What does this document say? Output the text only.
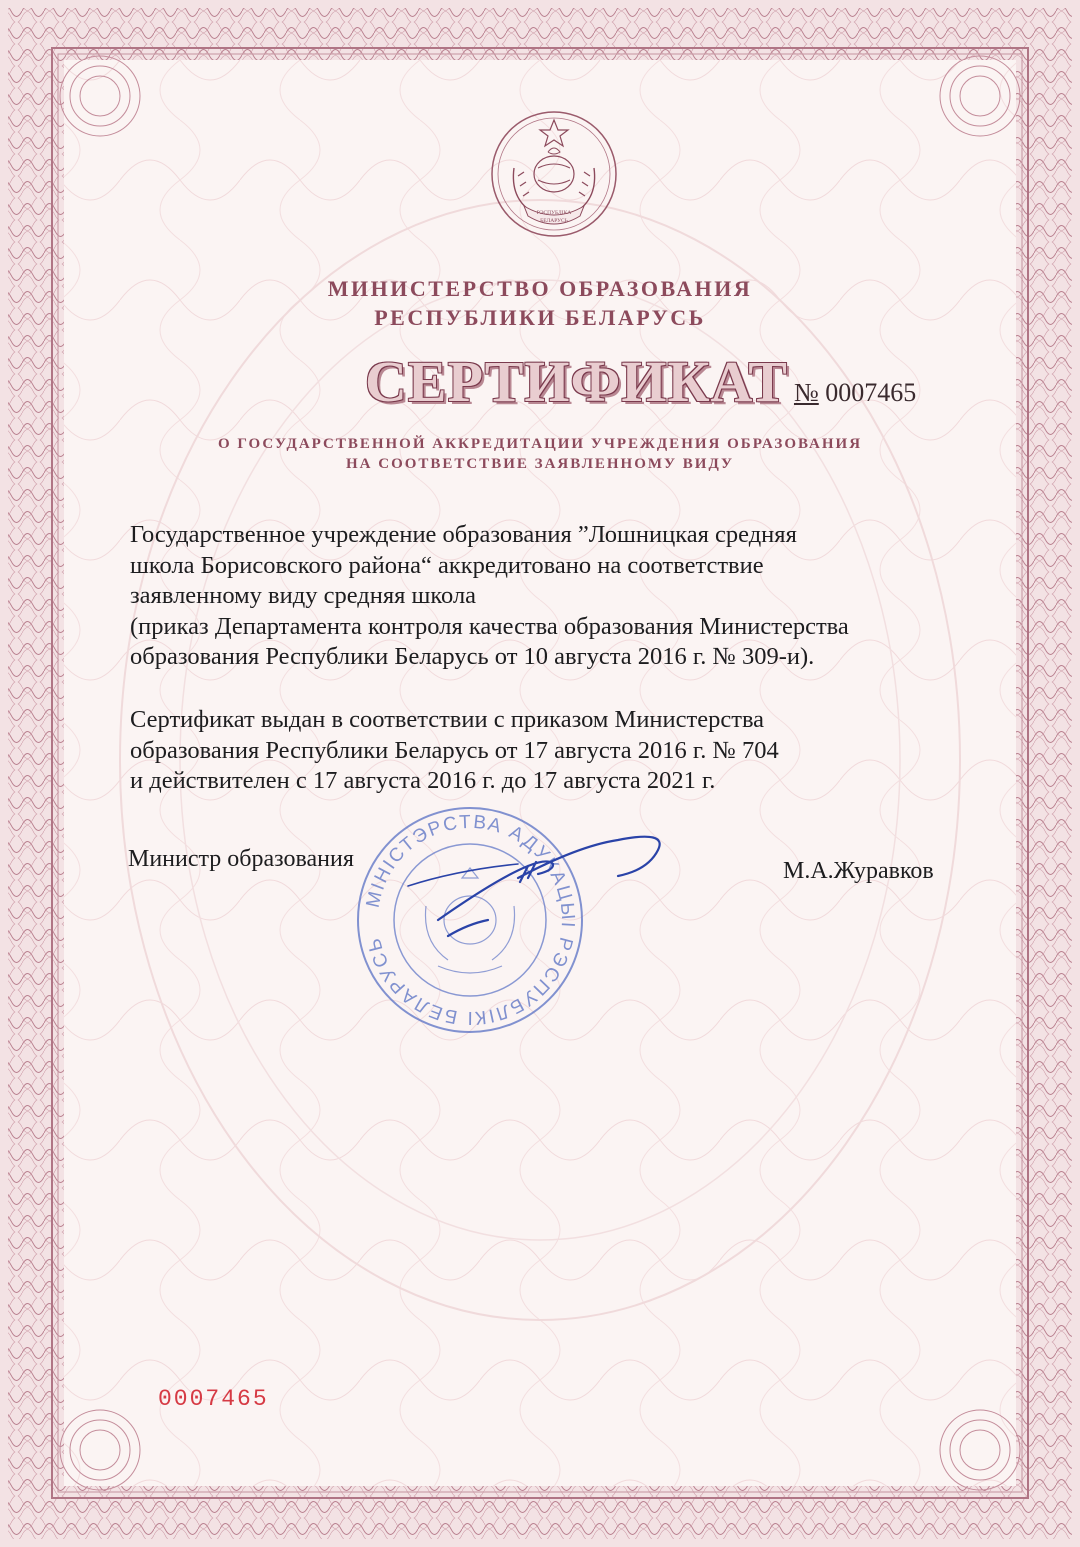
РЭСПУБЛІКА
БЕЛАРУСЬ
МИНИСТЕРСТВО ОБРАЗОВАНИЯ
РЕСПУБЛИКИ БЕЛАРУСЬ
СЕРТИФИКАТ № 0007465
О ГОСУДАРСТВЕННОЙ АККРЕДИТАЦИИ УЧРЕЖДЕНИЯ ОБРАЗОВАНИЯ
НА СООТВЕТСТВИЕ ЗАЯВЛЕННОМУ ВИДУ
Государственное учреждение образования ”Лошницкая средняя
школа Борисовского района“ аккредитовано на соответствие
заявленному виду средняя школа
(приказ Департамента контроля качества образования Министерства
образования Республики Беларусь от 10 августа 2016 г. № 309-и).
Сертификат выдан в соответствии с приказом Министерства
образования Республики Беларусь от 17 августа 2016 г. № 704
и действителен с 17 августа 2016 г. до 17 августа 2021 г.
МІНІСТЭРСТВА АДУКАЦЫІ РЭСПУБЛІКІ БЕЛАРУСЬ
Министр образования	М.А.Журавков
0007465
